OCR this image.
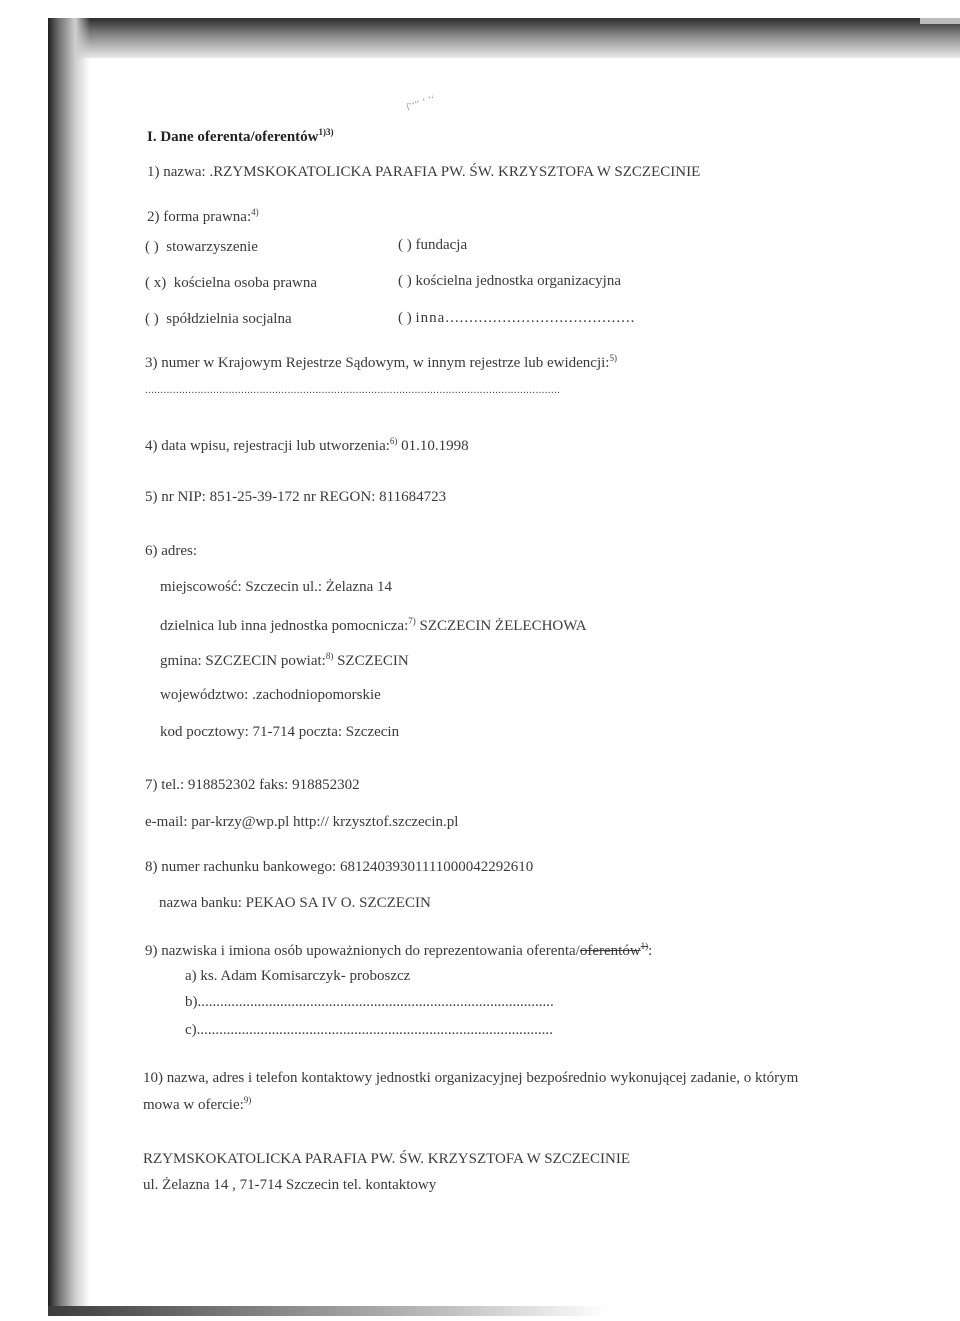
ſ’‘‘‘ ‘ ’‘
I. Dane oferenta/oferentów$^{1)3)}$
1) nazwa: .RZYMSKOKATOLICKA PARAFIA PW. ŚW. KRZYSZTOFA W SZCZECINIE
2) forma prawna:$^{4)}$
( ) stowarzyszenie	( ) fundacja
( x) kościelna osoba prawna	( ) kościelna jednostka organizacyjna
( ) spółdzielnia socjalna	( ) inna........................................
3) numer w Krajowym Rejestrze Sądowym, w innym rejestrze lub ewidencji:$^{5)}$
......................................................................................................................................
4) data wpisu, rejestracji lub utworzenia:$^{6)}$ 01.10.1998
5) nr NIP: 851-25-39-172 nr REGON: 811684723
6) adres:
miejscowość: Szczecin ul.: Żelazna 14
dzielnica lub inna jednostka pomocnicza:$^{7)}$ SZCZECIN ŻELECHOWA
gmina: SZCZECIN powiat:$^{8)}$ SZCZECIN
województwo: .zachodniopomorskie
kod pocztowy: 71-714 poczta: Szczecin
7) tel.: 918852302 faks: 918852302
e-mail: par-krzy@wp.pl http:// krzysztof.szczecin.pl
8) numer rachunku bankowego: 68124039301111000042292610
nazwa banku: PEKAO SA IV O. SZCZECIN
9) nazwiska i imiona osób upoważnionych do reprezentowania oferenta/oferentów$^{1)}$:
a) ks. Adam Komisarczyk- proboszcz
b)...............................................................................................
c)...............................................................................................
10) nazwa, adres i telefon kontaktowy jednostki organizacyjnej bezpośrednio wykonującej zadanie, o którym
mowa w ofercie:$^{9)}$
RZYMSKOKATOLICKA PARAFIA PW. ŚW. KRZYSZTOFA W SZCZECINIE
ul. Żelazna 14 , 71-714 Szczecin tel. kontaktowy
